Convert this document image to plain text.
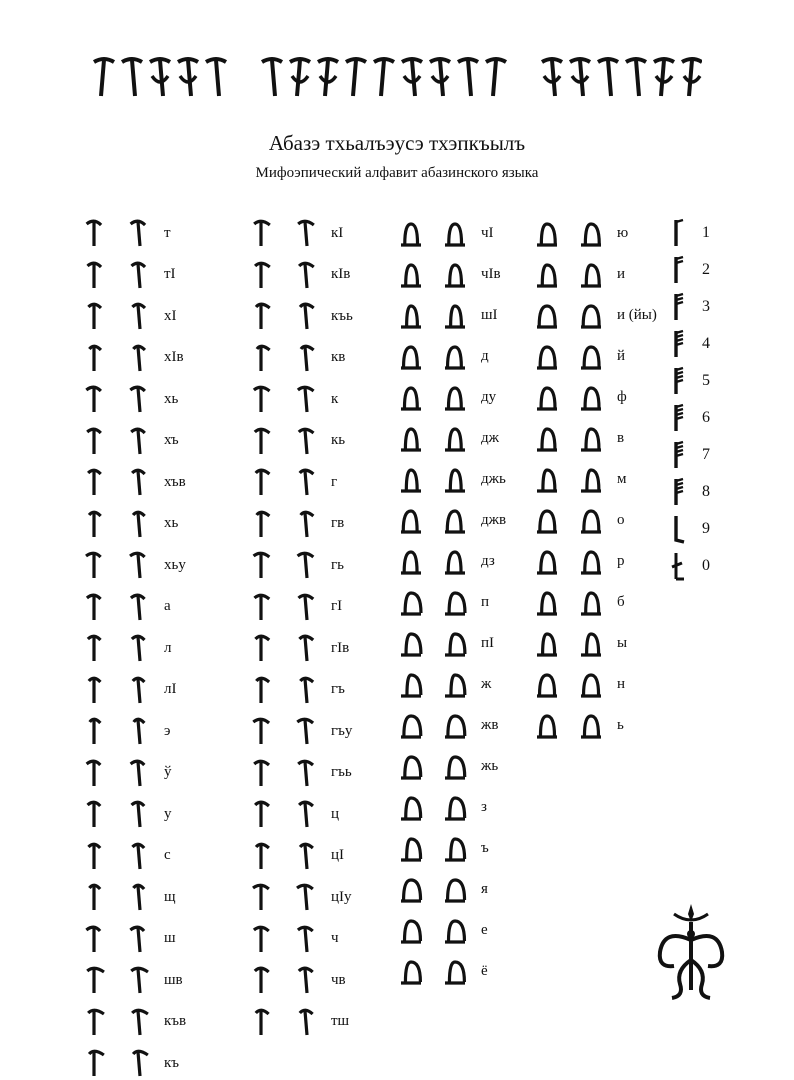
Абазэ тхьалъэусэ тхэпкъылъ
Мифоэпический алфавит абазинского языка
т
тI
хI
хIв
хь
хъ
хъв
хь
хьу
а
л
лI
э
ў
у
с
щ
ш
шв
къв
къ
кI
кIв
къь
кв
к
кь
г
гв
гь
гI
гIв
гъ
гъу
гъь
ц
цI
цIу
ч
чв
тш
чI
чIв
шI
д
ду
дж
джь
джв
дз
п
пI
ж
жв
жь
з
ъ
я
е
ё
ю
и
и (йы)
й
ф
в
м
о
р
б
ы
н
ь
1
2
3
4
5
6
7
8
9
0
